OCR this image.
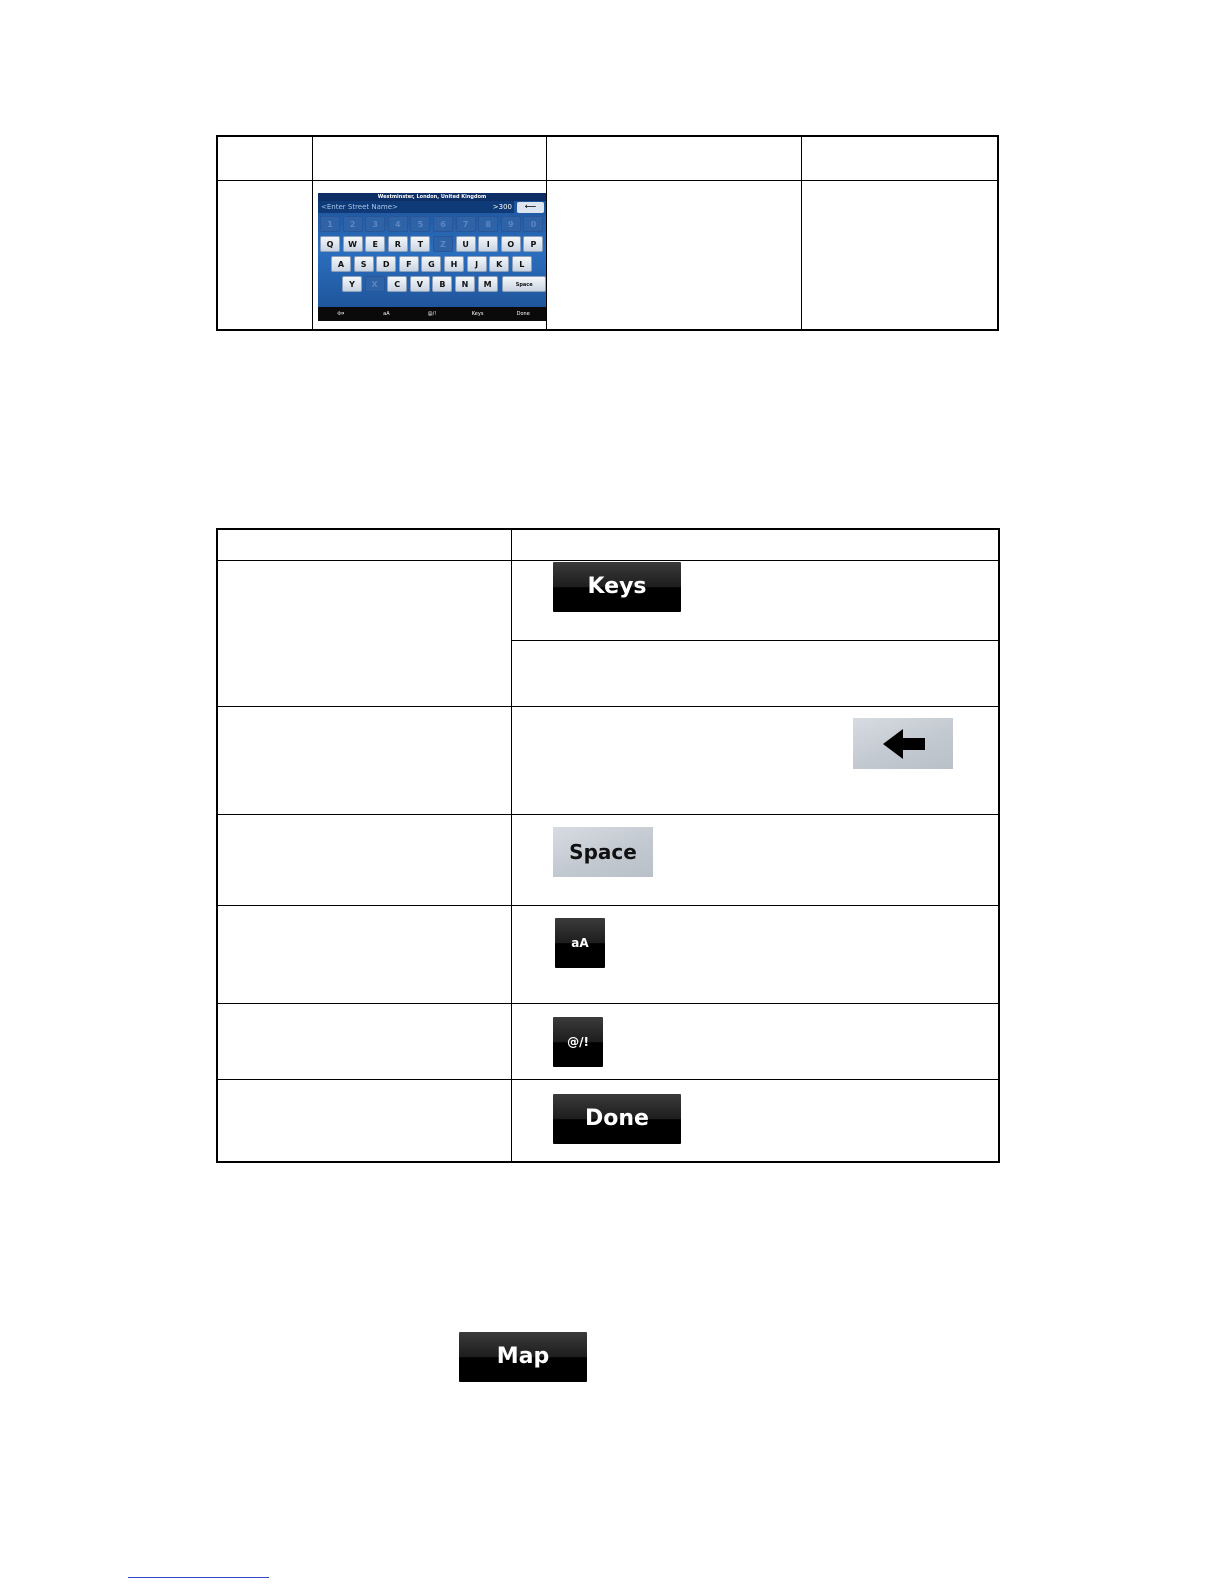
Westminster, London, United Kingdom
<Enter Street Name>	>300	⟵
1	2	3	4	5	6	7	8	9	0
Q	W	E	R	T	Z	U	I	O	P
A	S	D	F	G	H	J	K	L
Y	X	C	V	B	N	M	Space
⇦	aA	@/!	Keys	Done
Keys
Space
aA
@/!
Done
Map
